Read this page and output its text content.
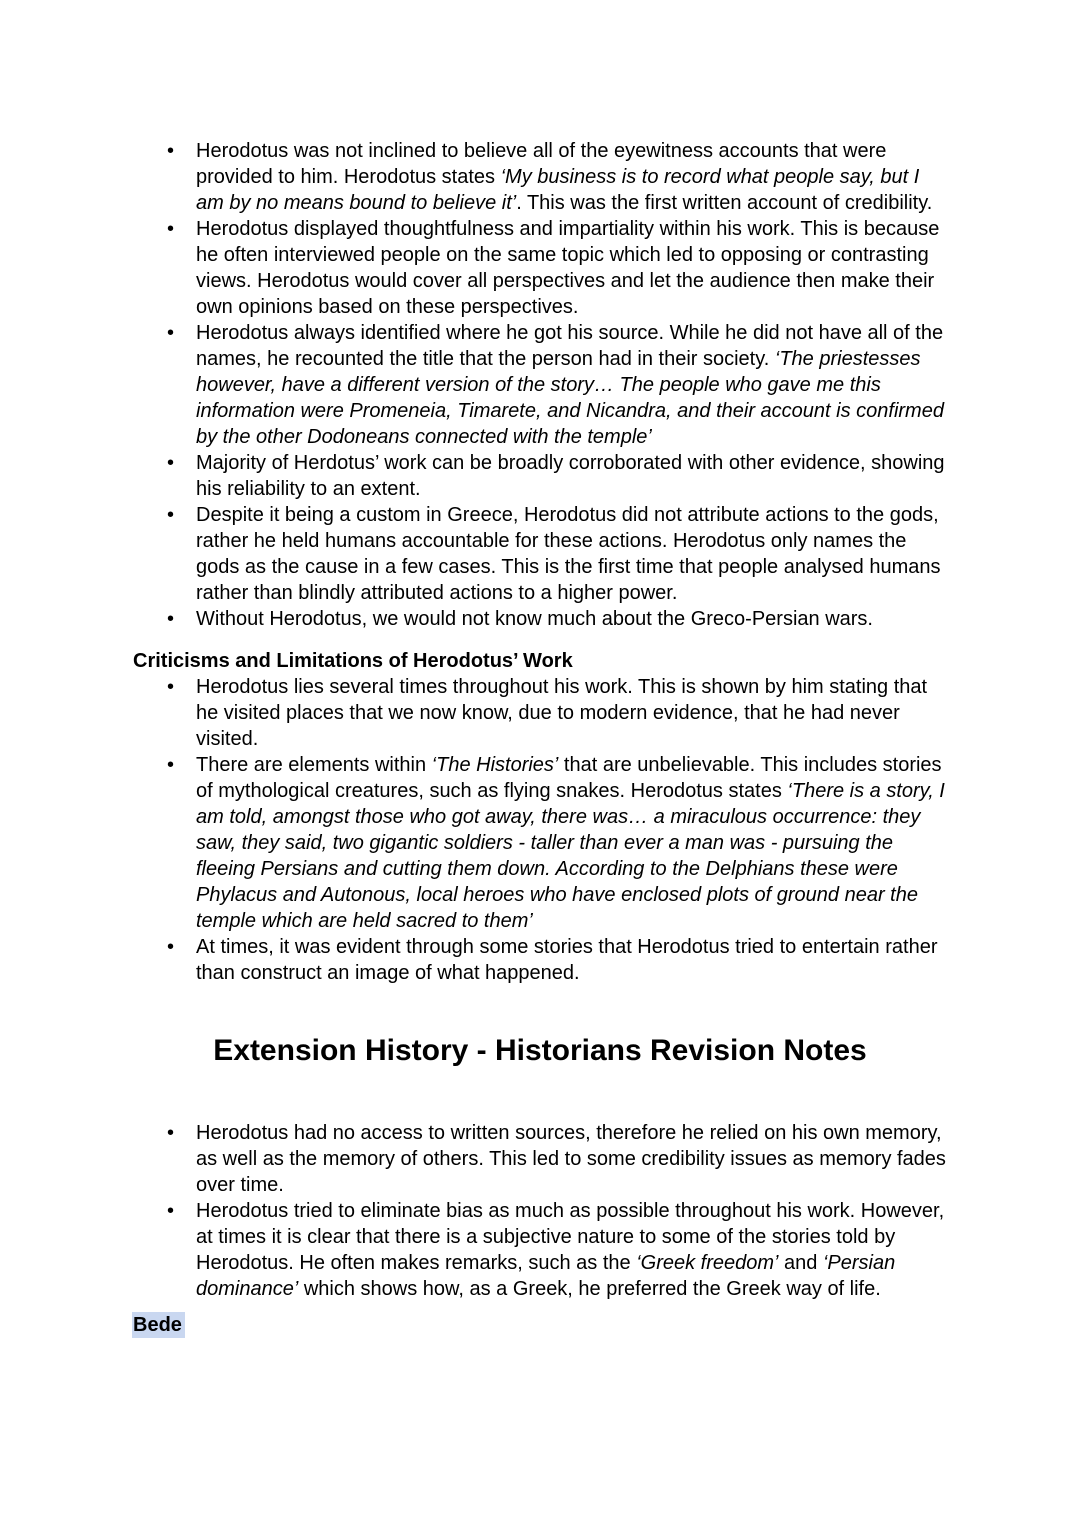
• Herodotus was not inclined to believe all of the eyewitness accounts that were provided to him. Herodotus states ‘My business is to record what people say, but I am by no means bound to believe it’. This was the first written account of credibility.
• Herodotus displayed thoughtfulness and impartiality within his work. This is because he often interviewed people on the same topic which led to opposing or contrasting views. Herodotus would cover all perspectives and let the audience then make their own opinions based on these perspectives.
• Herodotus always identified where he got his source. While he did not have all of the names, he recounted the title that the person had in their society. ‘The priestesses however, have a different version of the story… The people who gave me this information were Promeneia, Timarete, and Nicandra, and their account is confirmed by the other Dodoneans connected with the temple’
• Majority of Herdotus’ work can be broadly corroborated with other evidence, showing his reliability to an extent.
• Despite it being a custom in Greece, Herodotus did not attribute actions to the gods, rather he held humans accountable for these actions. Herodotus only names the gods as the cause in a few cases. This is the first time that people analysed humans rather than blindly attributed actions to a higher power.
• Without Herodotus, we would not know much about the Greco-Persian wars.

Criticisms and Limitations of Herodotus’ Work

• Herodotus lies several times throughout his work. This is shown by him stating that he visited places that we now know, due to modern evidence, that he had never visited.
• There are elements within ‘The Histories’ that are unbelievable. This includes stories of mythological creatures, such as flying snakes. Herodotus states ‘There is a story, I am told, amongst those who got away, there was… a miraculous occurrence: they saw, they said, two gigantic soldiers - taller than ever a man was - pursuing the fleeing Persians and cutting them down. According to the Delphians these were Phylacus and Autonous, local heroes who have enclosed plots of ground near the temple which are held sacred to them’
• At times, it was evident through some stories that Herodotus tried to entertain rather than construct an image of what happened.
Extension History - Historians Revision Notes
• Herodotus had no access to written sources, therefore he relied on his own memory, as well as the memory of others. This led to some credibility issues as memory fades over time.
• Herodotus tried to eliminate bias as much as possible throughout his work. However, at times it is clear that there is a subjective nature to some of the stories told by Herodotus. He often makes remarks, such as the ‘Greek freedom’ and ‘Persian dominance’ which shows how, as a Greek, he preferred the Greek way of life.

Bede
